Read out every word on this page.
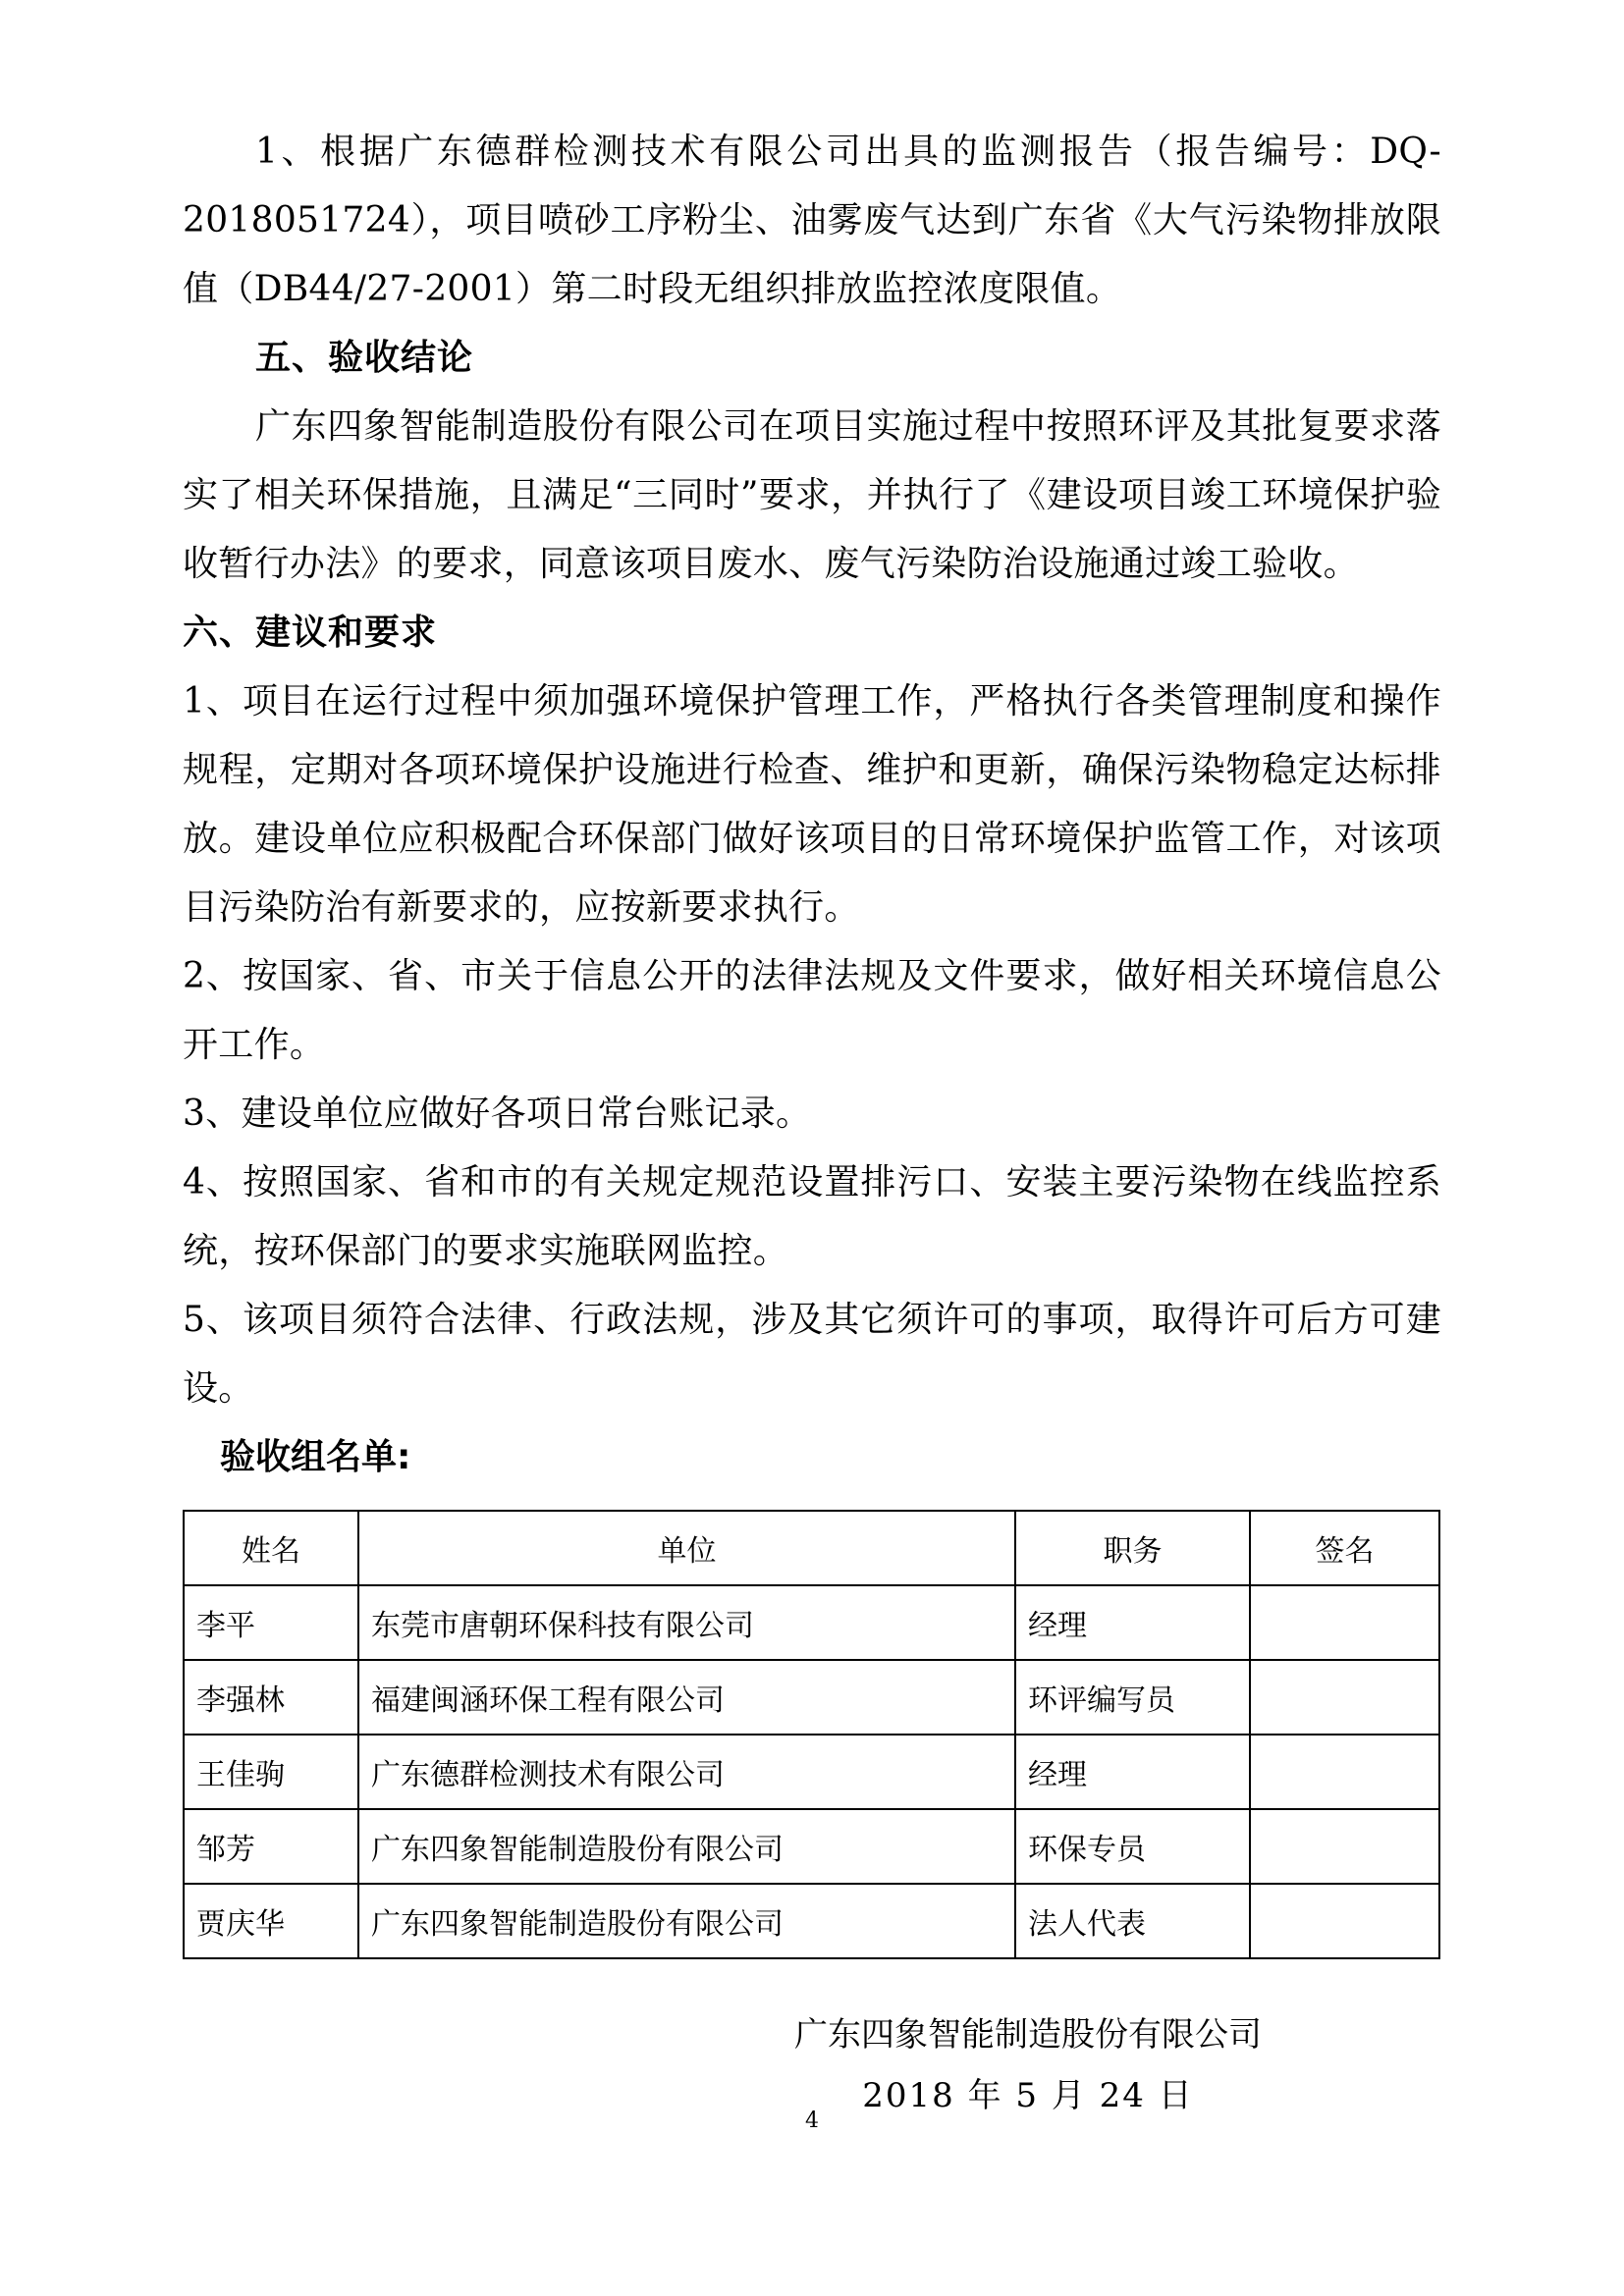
1、根据广东德群检测技术有限公司出具的监测报告（报告编号：DQ-2018051724），项目喷砂工序粉尘、油雾废气达到广东省《大气污染物排放限值（DB44/27-2001）第二时段无组织排放监控浓度限值。

五、验收结论

广东四象智能制造股份有限公司在项目实施过程中按照环评及其批复要求落实了相关环保措施，且满足“三同时”要求，并执行了《建设项目竣工环境保护验收暂行办法》的要求，同意该项目废水、废气污染防治设施通过竣工验收。

六、建议和要求

1、项目在运行过程中须加强环境保护管理工作，严格执行各类管理制度和操作规程，定期对各项环境保护设施进行检查、维护和更新，确保污染物稳定达标排放。建设单位应积极配合环保部门做好该项目的日常环境保护监管工作，对该项目污染防治有新要求的，应按新要求执行。

2、按国家、省、市关于信息公开的法律法规及文件要求，做好相关环境信息公开工作。

3、建设单位应做好各项日常台账记录。

4、按照国家、省和市的有关规定规范设置排污口、安装主要污染物在线监控系统，按环保部门的要求实施联网监控。

5、该项目须符合法律、行政法规，涉及其它须许可的事项，取得许可后方可建设。

验收组名单:

姓名	单位	职务	签名
李平	东莞市唐朝环保科技有限公司	经理	
李强林	福建闽涵环保工程有限公司	环评编写员	
王佳驹	广东德群检测技术有限公司	经理	
邹芳	广东四象智能制造股份有限公司	环保专员	
贾庆华	广东四象智能制造股份有限公司	法人代表	
广东四象智能制造股份有限公司
2018 年 5 月 24 日
4
